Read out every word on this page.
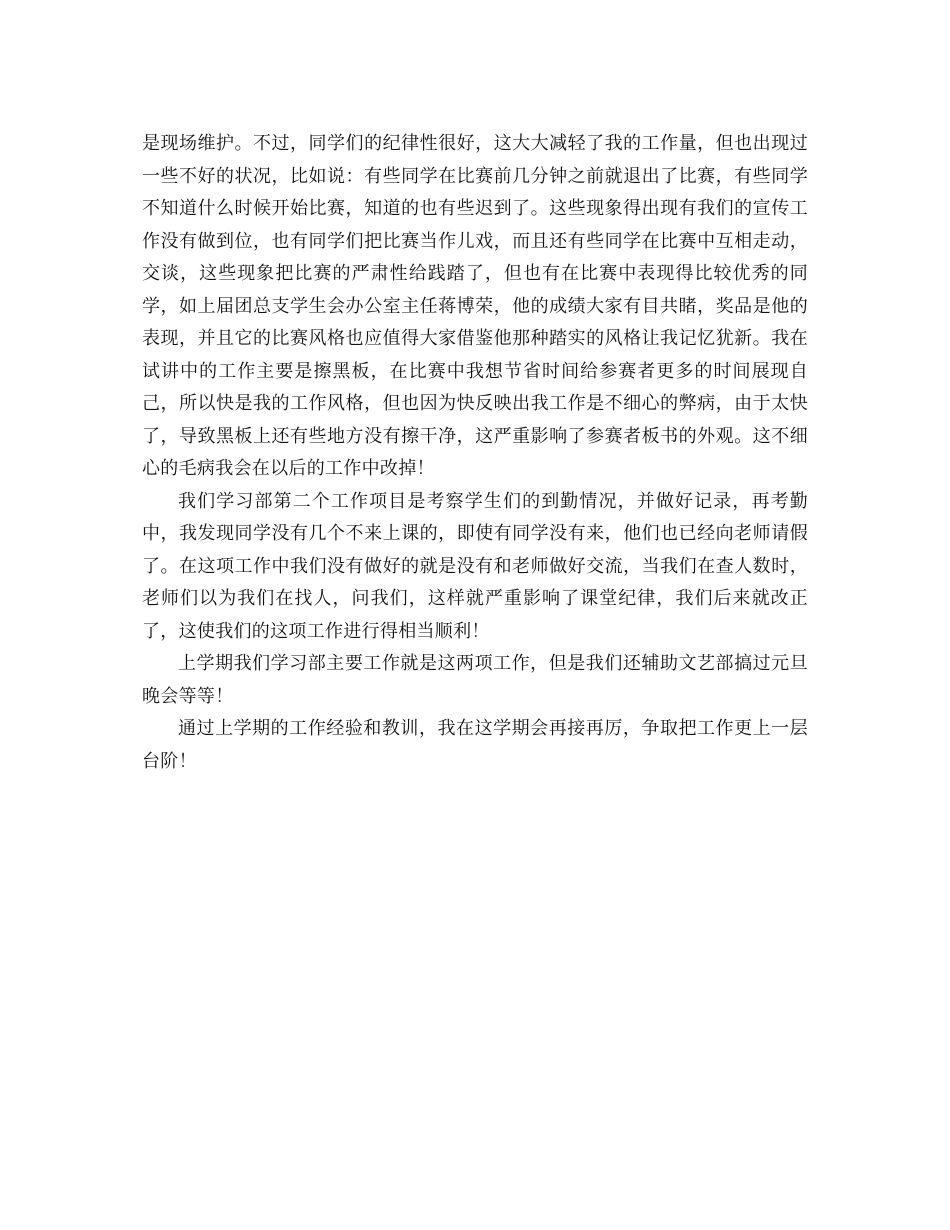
是现场维护。不过，同学们的纪律性很好，这大大减轻了我的工作量，但也出现过一些不好的状况，比如说：有些同学在比赛前几分钟之前就退出了比赛，有些同学不知道什么时候开始比赛，知道的也有些迟到了。这些现象得出现有我们的宣传工作没有做到位，也有同学们把比赛当作儿戏，而且还有些同学在比赛中互相走动，交谈，这些现象把比赛的严肃性给践踏了，但也有在比赛中表现得比较优秀的同学，如上届团总支学生会办公室主任蒋博荣，他的成绩大家有目共睹，奖品是他的表现，并且它的比赛风格也应值得大家借鉴他那种踏实的风格让我记忆犹新。我在试讲中的工作主要是擦黑板，在比赛中我想节省时间给参赛者更多的时间展现自己，所以快是我的工作风格，但也因为快反映出我工作是不细心的弊病，由于太快了，导致黑板上还有些地方没有擦干净，这严重影响了参赛者板书的外观。这不细心的毛病我会在以后的工作中改掉！

我们学习部第二个工作项目是考察学生们的到勤情况，并做好记录，再考勤中，我发现同学没有几个不来上课的，即使有同学没有来，他们也已经向老师请假了。在这项工作中我们没有做好的就是没有和老师做好交流，当我们在查人数时，老师们以为我们在找人，问我们，这样就严重影响了课堂纪律，我们后来就改正了，这使我们的这项工作进行得相当顺利！

上学期我们学习部主要工作就是这两项工作，但是我们还辅助文艺部搞过元旦晚会等等！

通过上学期的工作经验和教训，我在这学期会再接再厉，争取把工作更上一层台阶！
